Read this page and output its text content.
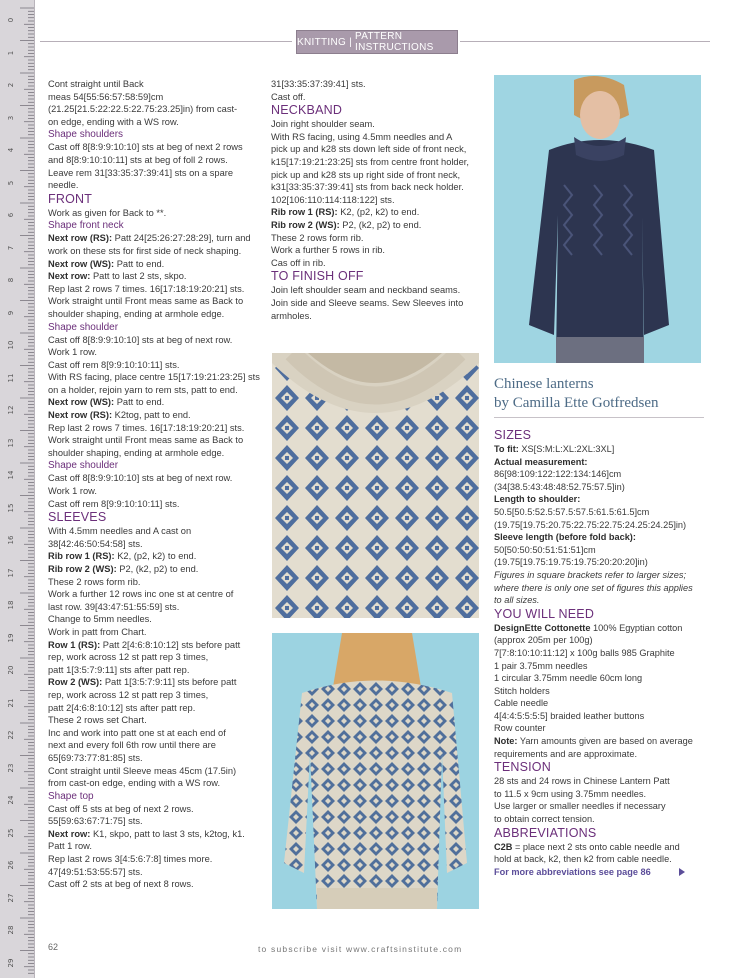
0
1
2
3
4
5
6
7
8
9
10
11
12
13
14
15
16
17
18
19
20
21
22
23
24
25
26
27
28
29
KNITTING | PATTERN INSTRUCTIONS

Cont straight until Back

meas 54[55:56:57:58:59]cm

(21.25[21.5:22:22.5:22.75:23.25]in) from cast-

on edge, ending with a WS row.

Shape shoulders

Cast off 8[8:9:9:10:10] sts at beg of next 2 rows

and 8[8:9:10:10:11] sts at beg of foll 2 rows.

Leave rem 31[33:35:37:39:41] sts on a spare

needle.

FRONT

Work as given for Back to **.

Shape front neck

Next row (RS): Patt 24[25:26:27:28:29], turn and

work on these sts for first side of neck shaping.

Next row (WS): Patt to end.

Next row: Patt to last 2 sts, skpo.

Rep last 2 rows 7 times. 16[17:18:19:20:21] sts.

Work straight until Front meas same as Back to

shoulder shaping, ending at armhole edge.

Shape shoulder

Cast off 8[8:9:9:10:10] sts at beg of next row.

Work 1 row.

Cast off rem 8[9:9:10:10:11] sts.

With RS facing, place centre 15[17:19:21:23:25] sts

on a holder, rejoin yarn to rem sts, patt to end.

Next row (WS): Patt to end.

Next row (RS): K2tog, patt to end.

Rep last 2 rows 7 times. 16[17:18:19:20:21] sts.

Work straight until Front meas same as Back to

shoulder shaping, ending at armhole edge.

Shape shoulder

Cast off 8[8:9:9:10:10] sts at beg of next row.

Work 1 row.

Cast off rem 8[9:9:10:10:11] sts.

SLEEVES

With 4.5mm needles and A cast on

38[42:46:50:54:58] sts.

Rib row 1 (RS): K2, (p2, k2) to end.

Rib row 2 (WS): P2, (k2, p2) to end.

These 2 rows form rib.

Work a further 12 rows inc one st at centre of

last row. 39[43:47:51:55:59] sts.

Change to 5mm needles.

Work in patt from Chart.

Row 1 (RS): Patt 2[4:6:8:10:12] sts before patt

rep, work across 12 st patt rep 3 times,

patt 1[3:5:7:9:11] sts after patt rep.

Row 2 (WS): Patt 1[3:5:7:9:11] sts before patt

rep, work across 12 st patt rep 3 times,

patt 2[4:6:8:10:12] sts after patt rep.

These 2 rows set Chart.

Inc and work into patt one st at each end of

next and every foll 6th row until there are

65[69:73:77:81:85] sts.

Cont straight until Sleeve meas 45cm (17.5in)

from cast-on edge, ending with a WS row.

Shape top

Cast off 5 sts at beg of next 2 rows.

55[59:63:67:71:75] sts.

Next row: K1, skpo, patt to last 3 sts, k2tog, k1.

Patt 1 row.

Rep last 2 rows 3[4:5:6:7:8] times more.

47[49:51:53:55:57] sts.

Cast off 2 sts at beg of next 8 rows.

31[33:35:37:39:41] sts.

Cast off.

NECKBAND

Join right shoulder seam.

With RS facing, using 4.5mm needles and A

pick up and k28 sts down left side of front neck,

k15[17:19:21:23:25] sts from centre front holder,

pick up and k28 sts up right side of front neck,

k31[33:35:37:39:41] sts from back neck holder.

102[106:110:114:118:122] sts.

Rib row 1 (RS): K2, (p2, k2) to end.

Rib row 2 (WS): P2, (k2, p2) to end.

These 2 rows form rib.

Work a further 5 rows in rib.

Cas off in rib.

TO FINISH OFF

Join left shoulder seam and neckband seams.

Join side and Sleeve seams. Sew Sleeves into

armholes.

Chinese lanterns
by Camilla Ette Gotfredsen

SIZES

To fit: XS[S:M:L:XL:2XL:3XL]

Actual measurement:

86[98:109:122:122:134:146]cm

(34[38.5:43:48:48:52.75:57.5]in)

Length to shoulder:

50.5[50.5:52.5:57.5:57.5:61.5:61.5]cm

(19.75[19.75:20.75:22.75:22.75:24.25:24.25]in)

Sleeve length (before fold back):

50[50:50:50:51:51:51]cm

(19.75[19.75:19.75:19.75:20:20:20]in)

Figures in square brackets refer to larger sizes;

where there is only one set of figures this applies

to all sizes.

YOU WILL NEED

DesignEtte Cottonette 100% Egyptian cotton

(approx 205m per 100g)

7[7:8:10:10:11:12] x 100g balls 985 Graphite

1 pair 3.75mm needles

1 circular 3.75mm needle 60cm long

Stitch holders

Cable needle

4[4:4:5:5:5:5] braided leather buttons

Row counter

Note: Yarn amounts given are based on average

requirements and are approximate.

TENSION

28 sts and 24 rows in Chinese Lantern Patt

to 11.5 x 9cm using 3.75mm needles.

Use larger or smaller needles if necessary

to obtain correct tension.

ABBREVIATIONS

C2B = place next 2 sts onto cable needle and

hold at back, k2, then k2 from cable needle.

For more abbreviations see page 86

62	to subscribe visit www.craftsinstitute.com
